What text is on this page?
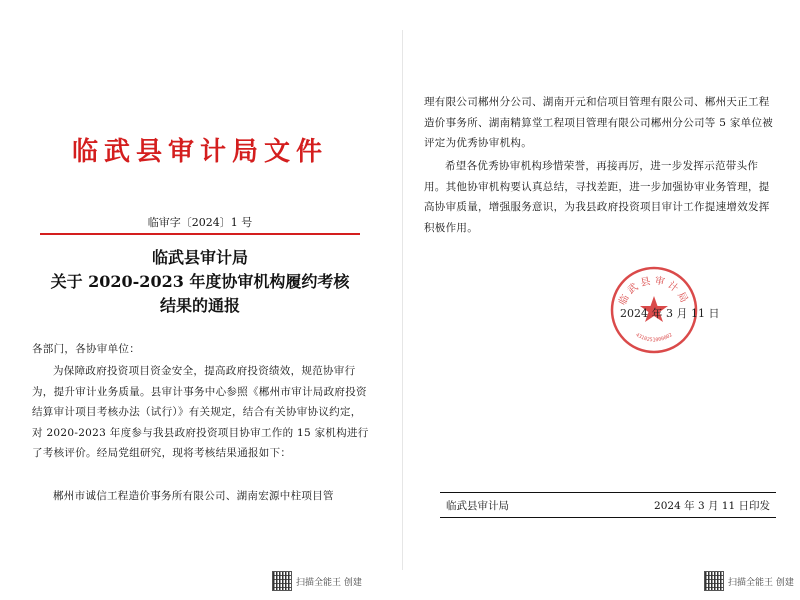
临武县审计局文件
临审字〔2024〕1 号
临武县审计局
关于 2020-2023 年度协审机构履约考核
结果的通报

各部门，各协审单位：

为保障政府投资项目资金安全，提高政府投资绩效，规范协审行为，提升审计业务质量。县审计事务中心参照《郴州市审计局政府投资结算审计项目考核办法（试行）》有关规定，结合有关协审协议约定，对 2020-2023 年度参与我县政府投资项目协审工作的 15 家机构进行了考核评价。经局党组研究，现将考核结果通报如下：

郴州市诚信工程造价事务所有限公司、湖南宏源中柱项目管

扫描全能王 创建

理有限公司郴州分公司、湖南开元和信项目管理有限公司、郴州天正工程造价事务所、湖南精算堂工程项目管理有限公司郴州分公司等 5 家单位被评定为优秀协审机构。

希望各优秀协审机构珍惜荣誉，再接再厉，进一步发挥示范带头作用。其他协审机构要认真总结，寻找差距，进一步加强协审业务管理，提高协审质量，增强服务意识，为我县政府投资项目审计工作提速增效发挥积极作用。

临武县审计局
4310251000002
2024 年 3 月 11 日
临武县审计局	2024 年 3 月 11 日印发
扫描全能王 创建
